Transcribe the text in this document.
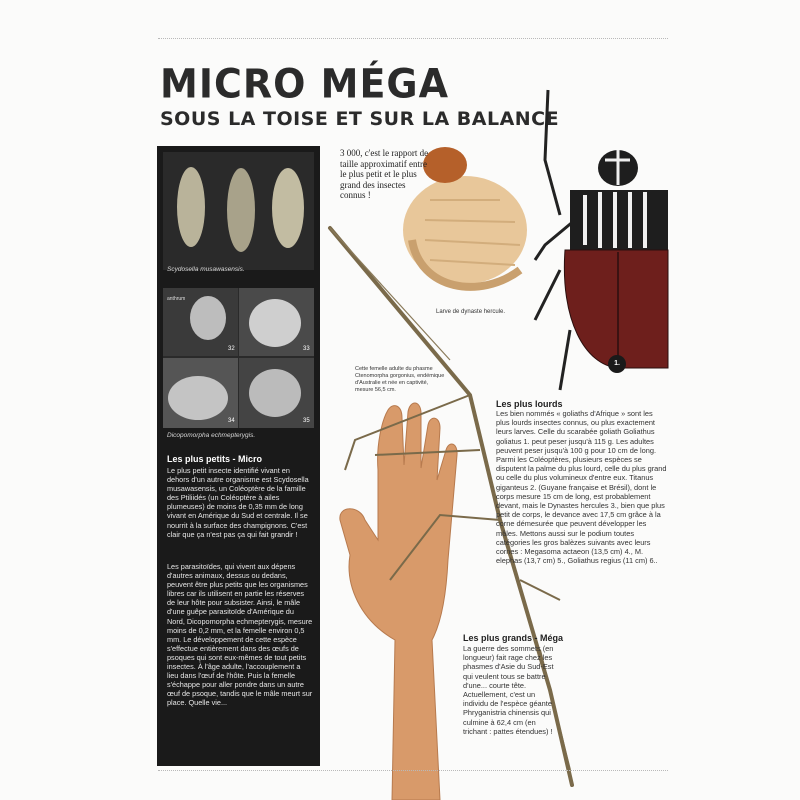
MICRO MÉGA
SOUS LA TOISE ET SUR LA BALANCE
1.
Scydosella musawasensis.
anthrum
32	33
34	35
Dicopomorpha echmepterygis.
Les plus petits - Micro
Le plus petit insecte identifié vivant en dehors d'un autre organisme est Scydosella musawasensis, un Coléoptère de la famille des Ptiliidés (un Coléoptère à ailes plumeuses) de moins de 0,35 mm de long vivant en Amérique du Sud et centrale. Il se nourrit à la surface des champignons. C'est clair que ça n'est pas ça qui fait grandir !
Les parasitoïdes, qui vivent aux dépens d'autres animaux, dessus ou dedans, peuvent être plus petits que les organismes libres car ils utilisent en partie les réserves de leur hôte pour subsister. Ainsi, le mâle d'une guêpe parasitoïde d'Amérique du Nord, Dicopomorpha echmepterygis, mesure moins de 0,2 mm, et la femelle environ 0,5 mm. Le développement de cette espèce s'effectue entièrement dans des œufs de psoques qui sont eux-mêmes de tout petits insectes. À l'âge adulte, l'accouplement a lieu dans l'œuf de l'hôte. Puis la femelle s'échappe pour aller pondre dans un autre œuf de psoque, tandis que le mâle meurt sur place. Quelle vie...
3 000, c'est le rapport de taille approximatif entre le plus petit et le plus grand des insectes connus !
Larve de dynaste hercule.
Cette femelle adulte du phasme Ctenomorpha gorgonius, endémique d'Australie et née en captivité, mesure 56,5 cm.
Les plus lourds
Les bien nommés « goliaths d'Afrique » sont les plus lourds insectes connus, ou plus exactement leurs larves. Celle du scarabée goliath Goliathus goliatus 1. peut peser jusqu'à 115 g. Les adultes peuvent peser jusqu'à 100 g pour 10 cm de long. Parmi les Coléoptères, plusieurs espèces se disputent la palme du plus lourd, celle du plus grand ou celle du plus volumineux d'entre eux. Titanus giganteus 2. (Guyane française et Brésil), dont le corps mesure 15 cm de long, est probablement devant, mais le Dynastes hercules 3., bien que plus petit de corps, le devance avec 17,5 cm grâce à la corne démesurée que peuvent développer les mâles. Mettons aussi sur le podium toutes catégories les gros balèzes suivants avec leurs cornes : Megasoma actaeon (13,5 cm) 4., M. elephas (13,7 cm) 5., Goliathus regius (11 cm) 6..
Les plus grands - Méga
La guerre des sommets (en longueur) fait rage chez les phasmes d'Asie du Sud-Est qui veulent tous se battre d'une... courte tête. Actuellement, c'est un individu de l'espèce géante Phryganistria chinensis qui culmine à 62,4 cm (en trichant : pattes étendues) !
